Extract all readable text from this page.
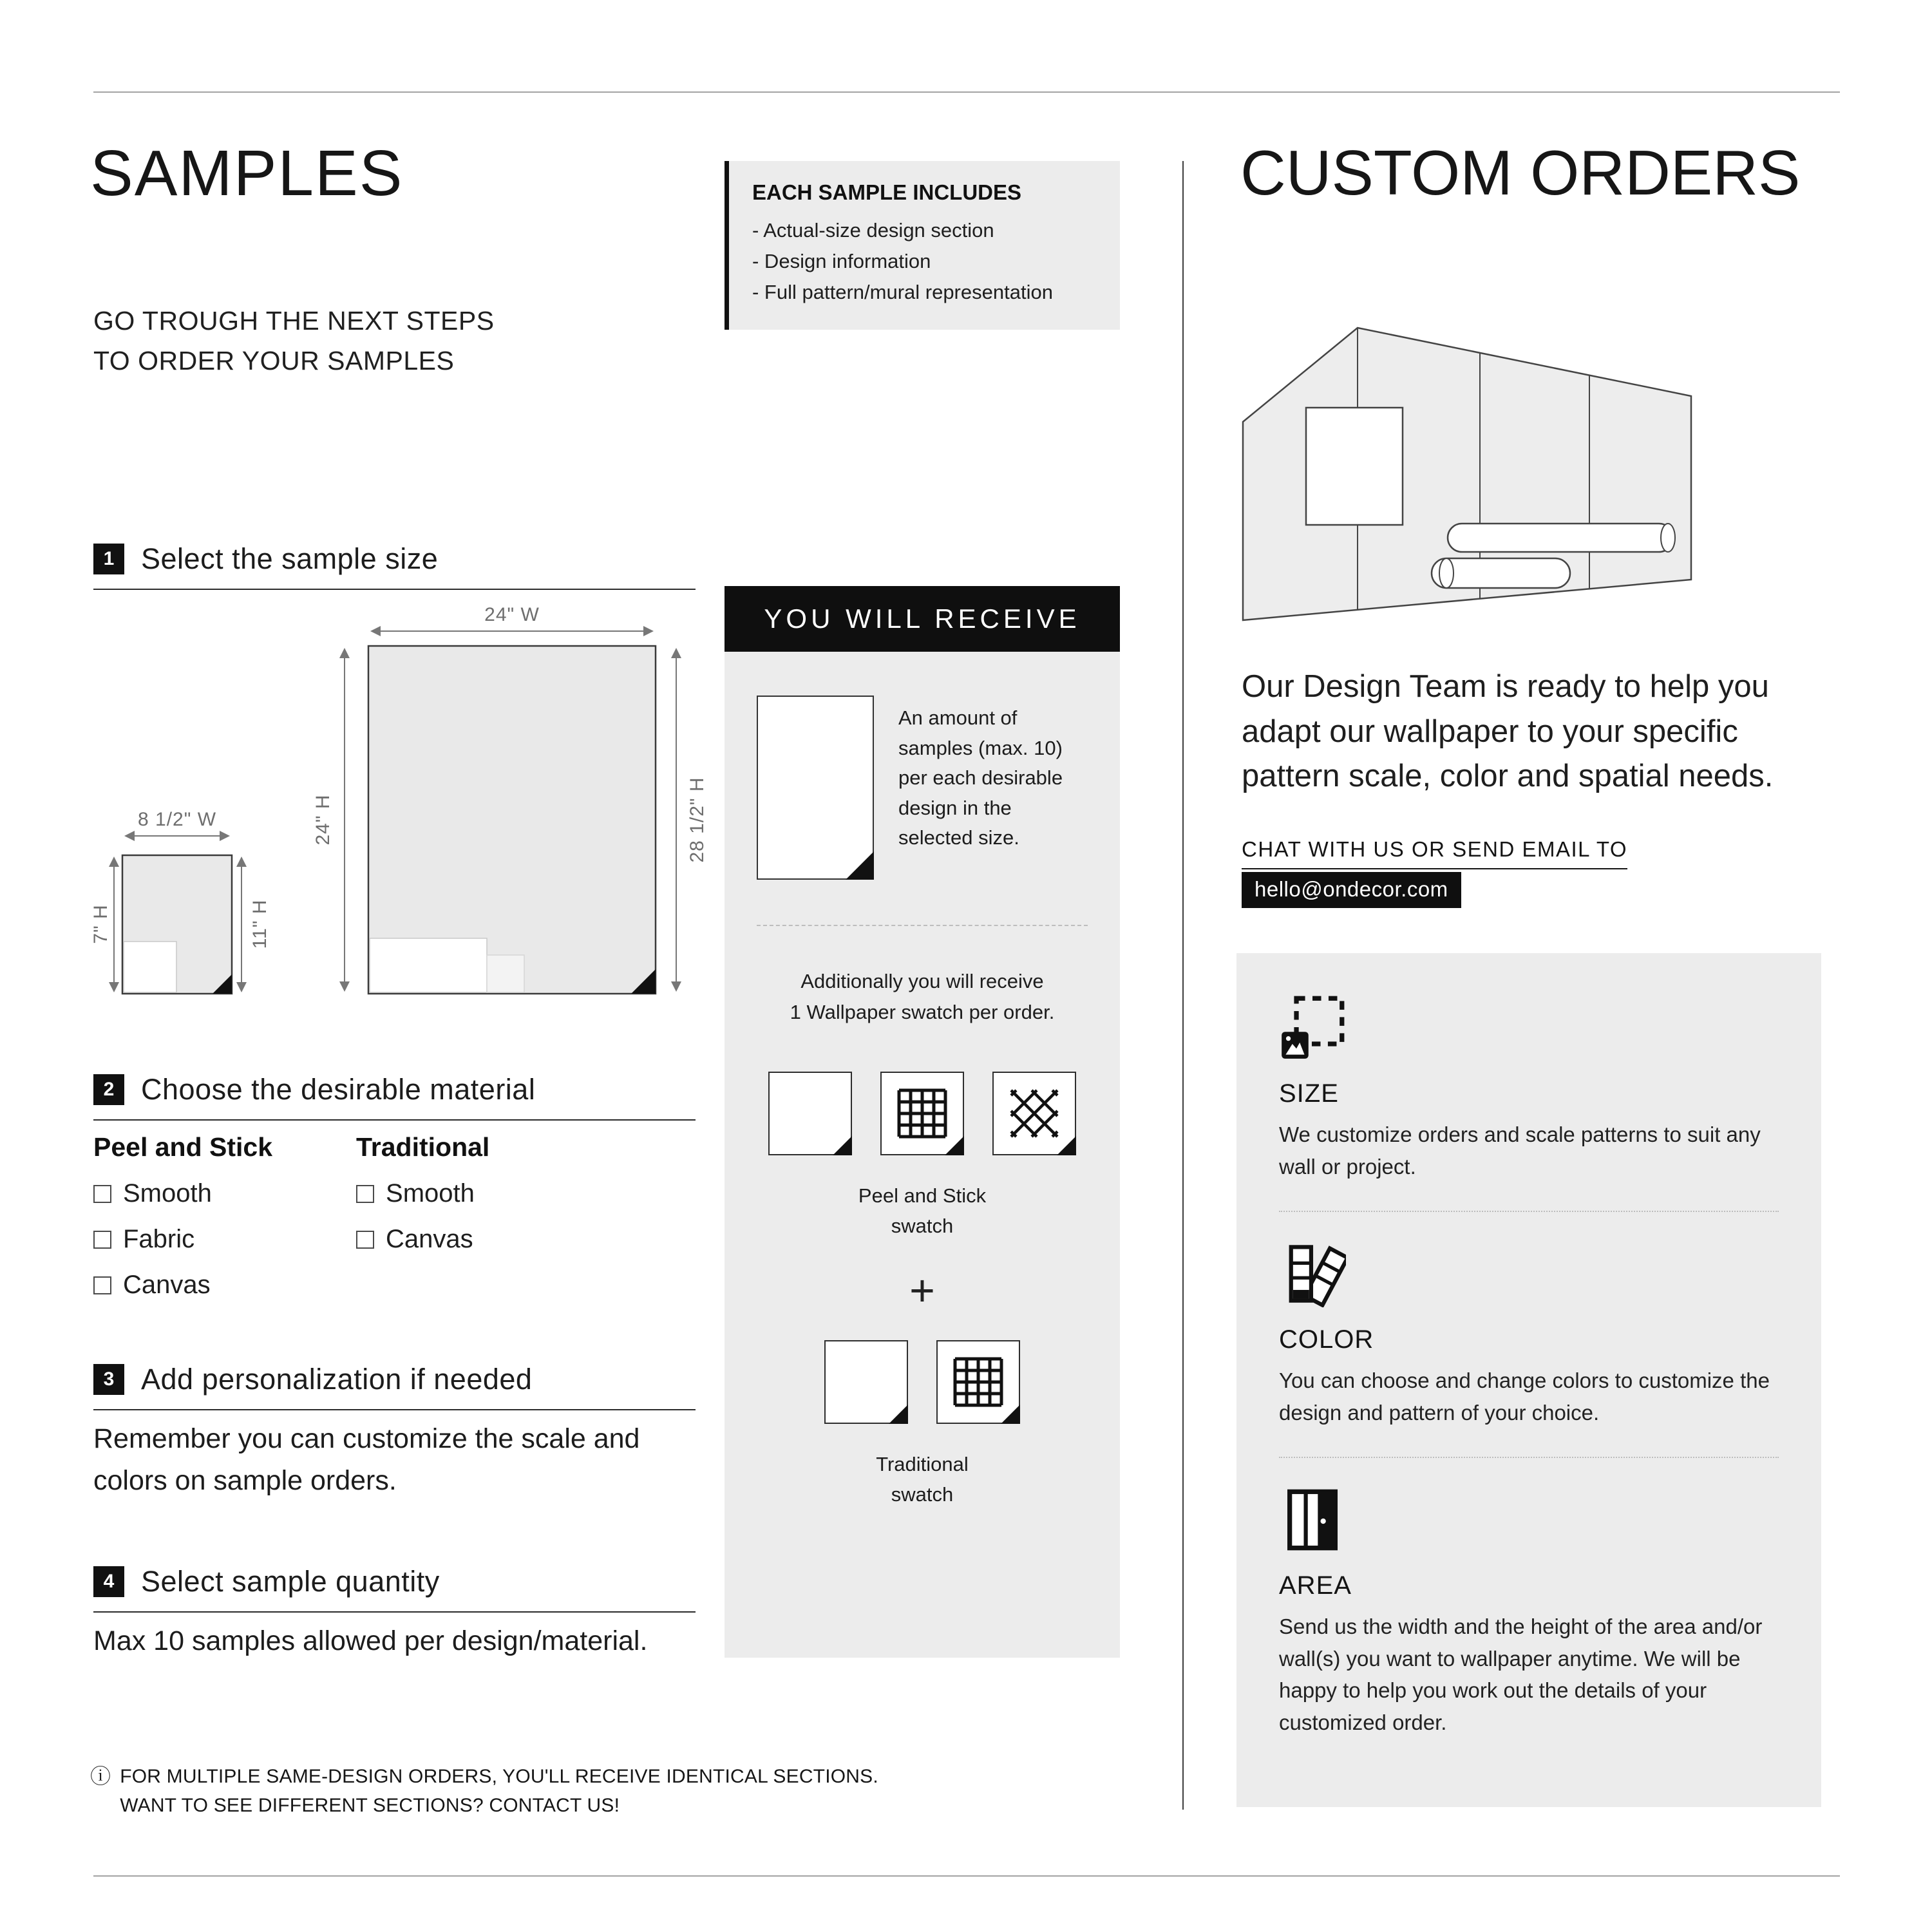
SAMPLES
GO TROUGH THE NEXT STEPS
TO ORDER YOUR SAMPLES
EACH SAMPLE INCLUDES
- Actual-size design section
- Design information
- Full pattern/mural representation
1 Select the sample size
24" W
24" H	28 1/2" H
8 1/2" W
7" H	11" H
2 Choose the desirable material
Peel and Stick
Smooth
Fabric
Canvas
Traditional
Smooth
Canvas
3 Add personalization if needed
Remember you can customize the scale and colors on sample orders.
4 Select sample quantity
Max 10 samples allowed per design/material.
ⓘ FOR MULTIPLE SAME-DESIGN ORDERS, YOU'LL RECEIVE IDENTICAL SECTIONS. WANT TO SEE DIFFERENT SECTIONS? CONTACT US!
YOU WILL RECEIVE
An amount of samples (max. 10) per each desirable design in the selected size.
Additionally you will receive
1 Wallpaper swatch per order.
Peel and Stick
swatch
+
Traditional
swatch
CUSTOM ORDERS
Our Design Team is ready to help you adapt our wallpaper to your specific pattern scale, color and spatial needs.
CHAT WITH US OR SEND EMAIL TO
hello@ondecor.com
SIZE
We customize orders and scale patterns to suit any wall or project.
COLOR
You can choose and change colors to customize the design and pattern of your choice.
AREA
Send us the width and the height of the area and/or wall(s) you want to wallpaper anytime. We will be happy to help you work out the details of your customized order.
